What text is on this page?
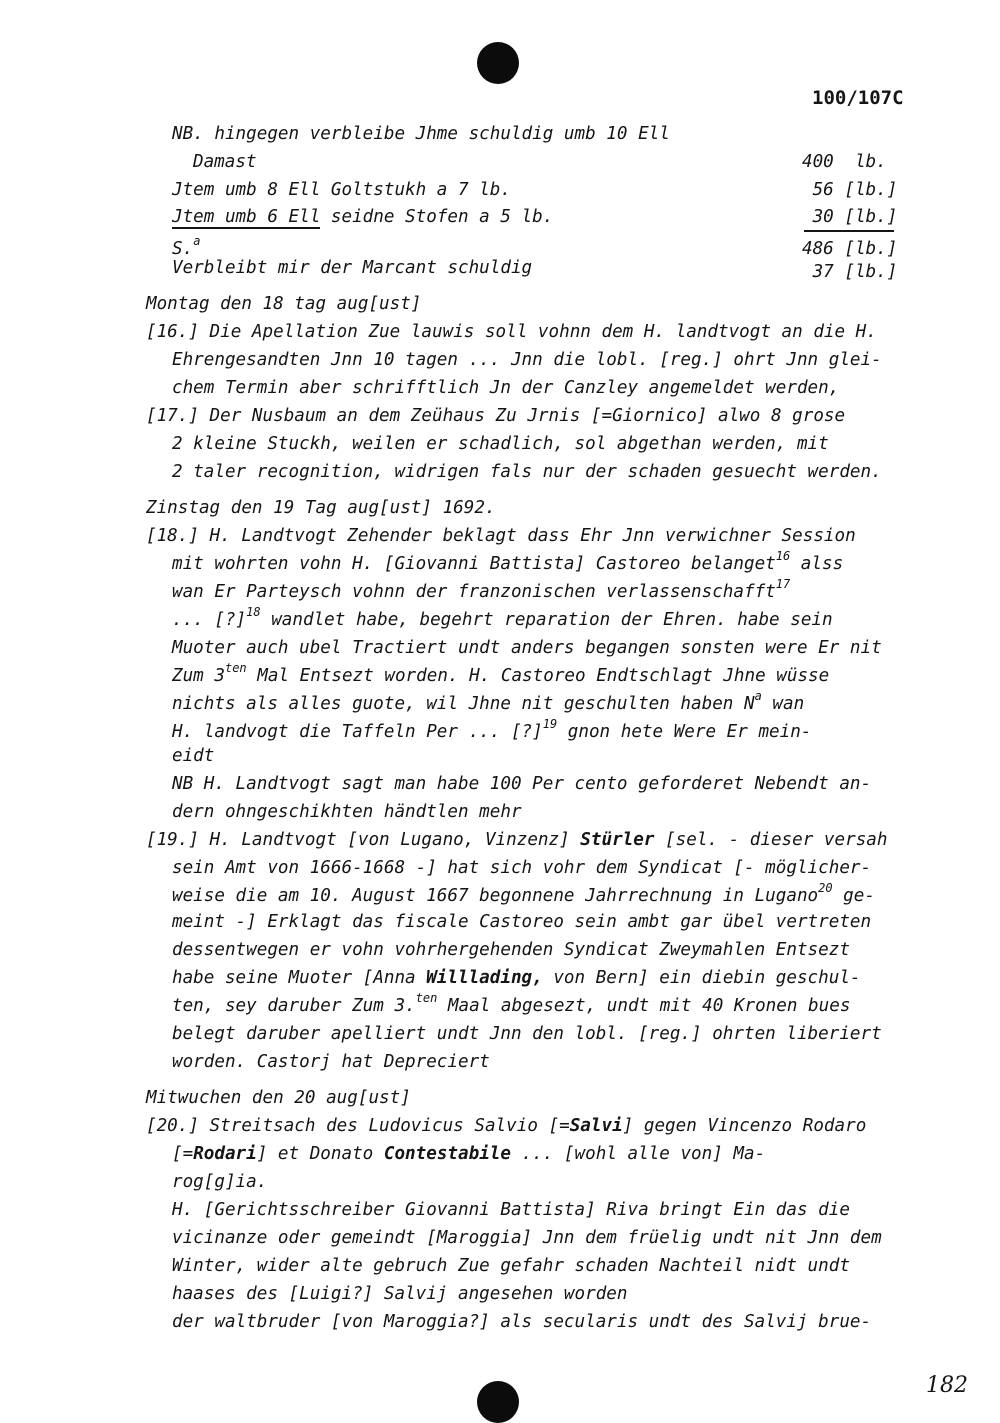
100/107C
NB. hingegen verbleibe Jhme schuldig umb 10 Ell
Damast	400  lb.
Jtem umb 8 Ell Goltstukh a 7 lb.	56 [lb.]
Jtem umb 6 Ell seidne Stofen a 5 lb.	30 [lb.]
S.$^a$	486 [lb.]
Verbleibt mir der Marcant schuldig	37 [lb.]
Montag den 18 tag aug[ust]
[16.] Die Apellation Zue lauwis soll vohnn dem H. landtvogt an die H.
Ehrengesandten Jnn 10 tagen ... Jnn die lobl. [reg.] ohrt Jnn glei-
chem Termin aber schrifftlich Jn der Canzley angemeldet werden,
[17.] Der Nusbaum an dem Zeühaus Zu Jrnis [=Giornico] alwo 8 grose
2 kleine Stuckh, weilen er schadlich, sol abgethan werden, mit
2 taler recognition, widrigen fals nur der schaden gesuecht werden.
Zinstag den 19 Tag aug[ust] 1692.
[18.] H. Landtvogt Zehender beklagt dass Ehr Jnn verwichner Session
mit wohrten vohn H. [Giovanni Battista] Castoreo belanget$^{16}$ alss
wan Er Parteysch vohnn der franzonischen verlassenschafft$^{17}$
... [?]$^{18}$ wandlet habe, begehrt reparation der Ehren. habe sein
Muoter auch ubel Tractiert undt anders begangen sonsten were Er nit
Zum $3^{ten}$ Mal Entsezt worden. H. Castoreo Endtschlagt Jhne wüsse
nichts als alles guote, wil Jhne nit geschulten haben $N^a$ wan
H. landvogt die Taffeln Per ... [?]$^{19}$ gnon hete Were Er mein-
eidt
NB H. Landtvogt sagt man habe 100 Per cento geforderet Nebendt an-
dern ohngeschikhten händtlen mehr
[19.] H. Landtvogt [von Lugano, Vinzenz] Stürler [sel. - dieser versah
sein Amt von 1666-1668 -] hat sich vohr dem Syndicat [- möglicher-
weise die am 10. August 1667 begonnene Jahrrechnung in Lugano$^{20}$ ge-
meint -] Erklagt das fiscale Castoreo sein ambt gar übel vertreten
dessentwegen er vohn vohrhergehenden Syndicat Zweymahlen Entsezt
habe seine Muoter [Anna Willlading, von Bern] ein diebin geschul-
ten, sey daruber Zum 3.$^{ten}$ Maal abgesezt, undt mit 40 Kronen bues
belegt daruber apelliert undt Jnn den lobl. [reg.] ohrten liberiert
worden. Castorj hat Depreciert
Mitwuchen den 20 aug[ust]
[20.] Streitsach des Ludovicus Salvio [=Salvi] gegen Vincenzo Rodaro
[=Rodari] et Donato Contestabile ... [wohl alle von] Ma-
rog[g]ia.
H. [Gerichtsschreiber Giovanni Battista] Riva bringt Ein das die
vicinanze oder gemeindt [Maroggia] Jnn dem früelig undt nit Jnn dem
Winter, wider alte gebruch Zue gefahr schaden Nachteil nidt undt
haases des [Luigi?] Salvij angesehen worden
der waltbruder [von Maroggia?] als secularis undt des Salvij brue-
182
